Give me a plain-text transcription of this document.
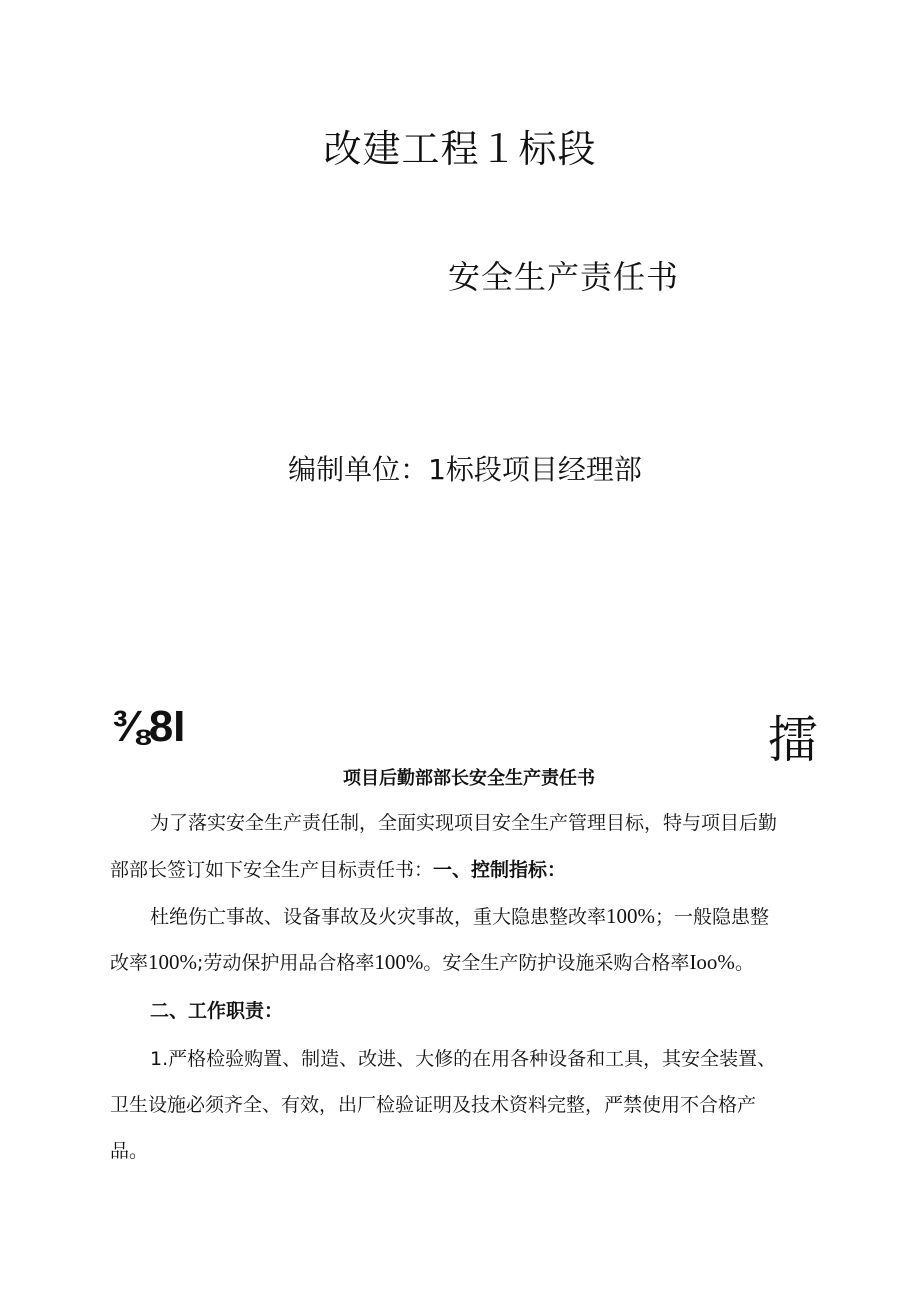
改建工程１标段
安全生产责任书
编制单位：1标段项目经理部
⅜8I	擂
项目后勤部部长安全生产责任书
为了落实安全生产责任制，全面实现项目安全生产管理目标，特与项目后勤
部部长签订如下安全生产目标责任书：一、控制指标：
杜绝伤亡事故、设备事故及火灾事故，重大隐患整改率100%；一般隐患整
改率100%;劳动保护用品合格率100%。安全生产防护设施采购合格率Ioo%。
二、工作职责：
1.严格检验购置、制造、改进、大修的在用各种设备和工具，其安全装置、
卫生设施必须齐全、有效，出厂检验证明及技术资料完整，严禁使用不合格产
品。
